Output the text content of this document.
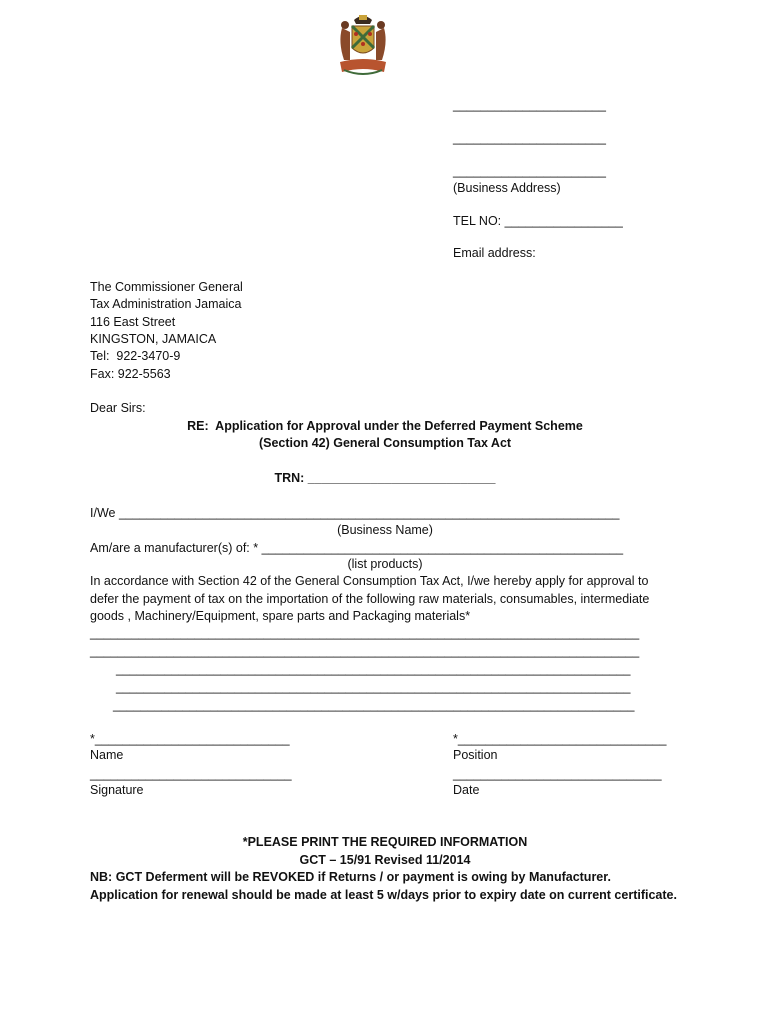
______________________
______________________
______________________
(Business Address)
TEL NO: _________________
Email address:
The Commissioner General
Tax Administration Jamaica
116 East Street
KINGSTON, JAMAICA
Tel:  922-3470-9
Fax: 922-5563
Dear Sirs:
RE:  Application for Approval under the Deferred Payment Scheme
(Section 42) General Consumption Tax Act
TRN: ___________________________
I/We ________________________________________________________________________
(Business Name)
Am/are a manufacturer(s) of: * ____________________________________________________
(list products)
In accordance with Section 42 of the General Consumption Tax Act, I/we hereby apply for approval to
defer the payment of tax on the importation of the following raw materials, consumables, intermediate
goods , Machinery/Equipment, spare parts and Packaging materials*
_______________________________________________________________________________
_______________________________________________________________________________
__________________________________________________________________________
__________________________________________________________________________
___________________________________________________________________________
*____________________________
Name
*______________________________
Position
_____________________________
Signature
______________________________
Date
*PLEASE PRINT THE REQUIRED INFORMATION
GCT – 15/91 Revised 11/2014
NB: GCT Deferment will be REVOKED if Returns / or payment is owing by Manufacturer.
Application for renewal should be made at least 5 w/days prior to expiry date on current certificate.
